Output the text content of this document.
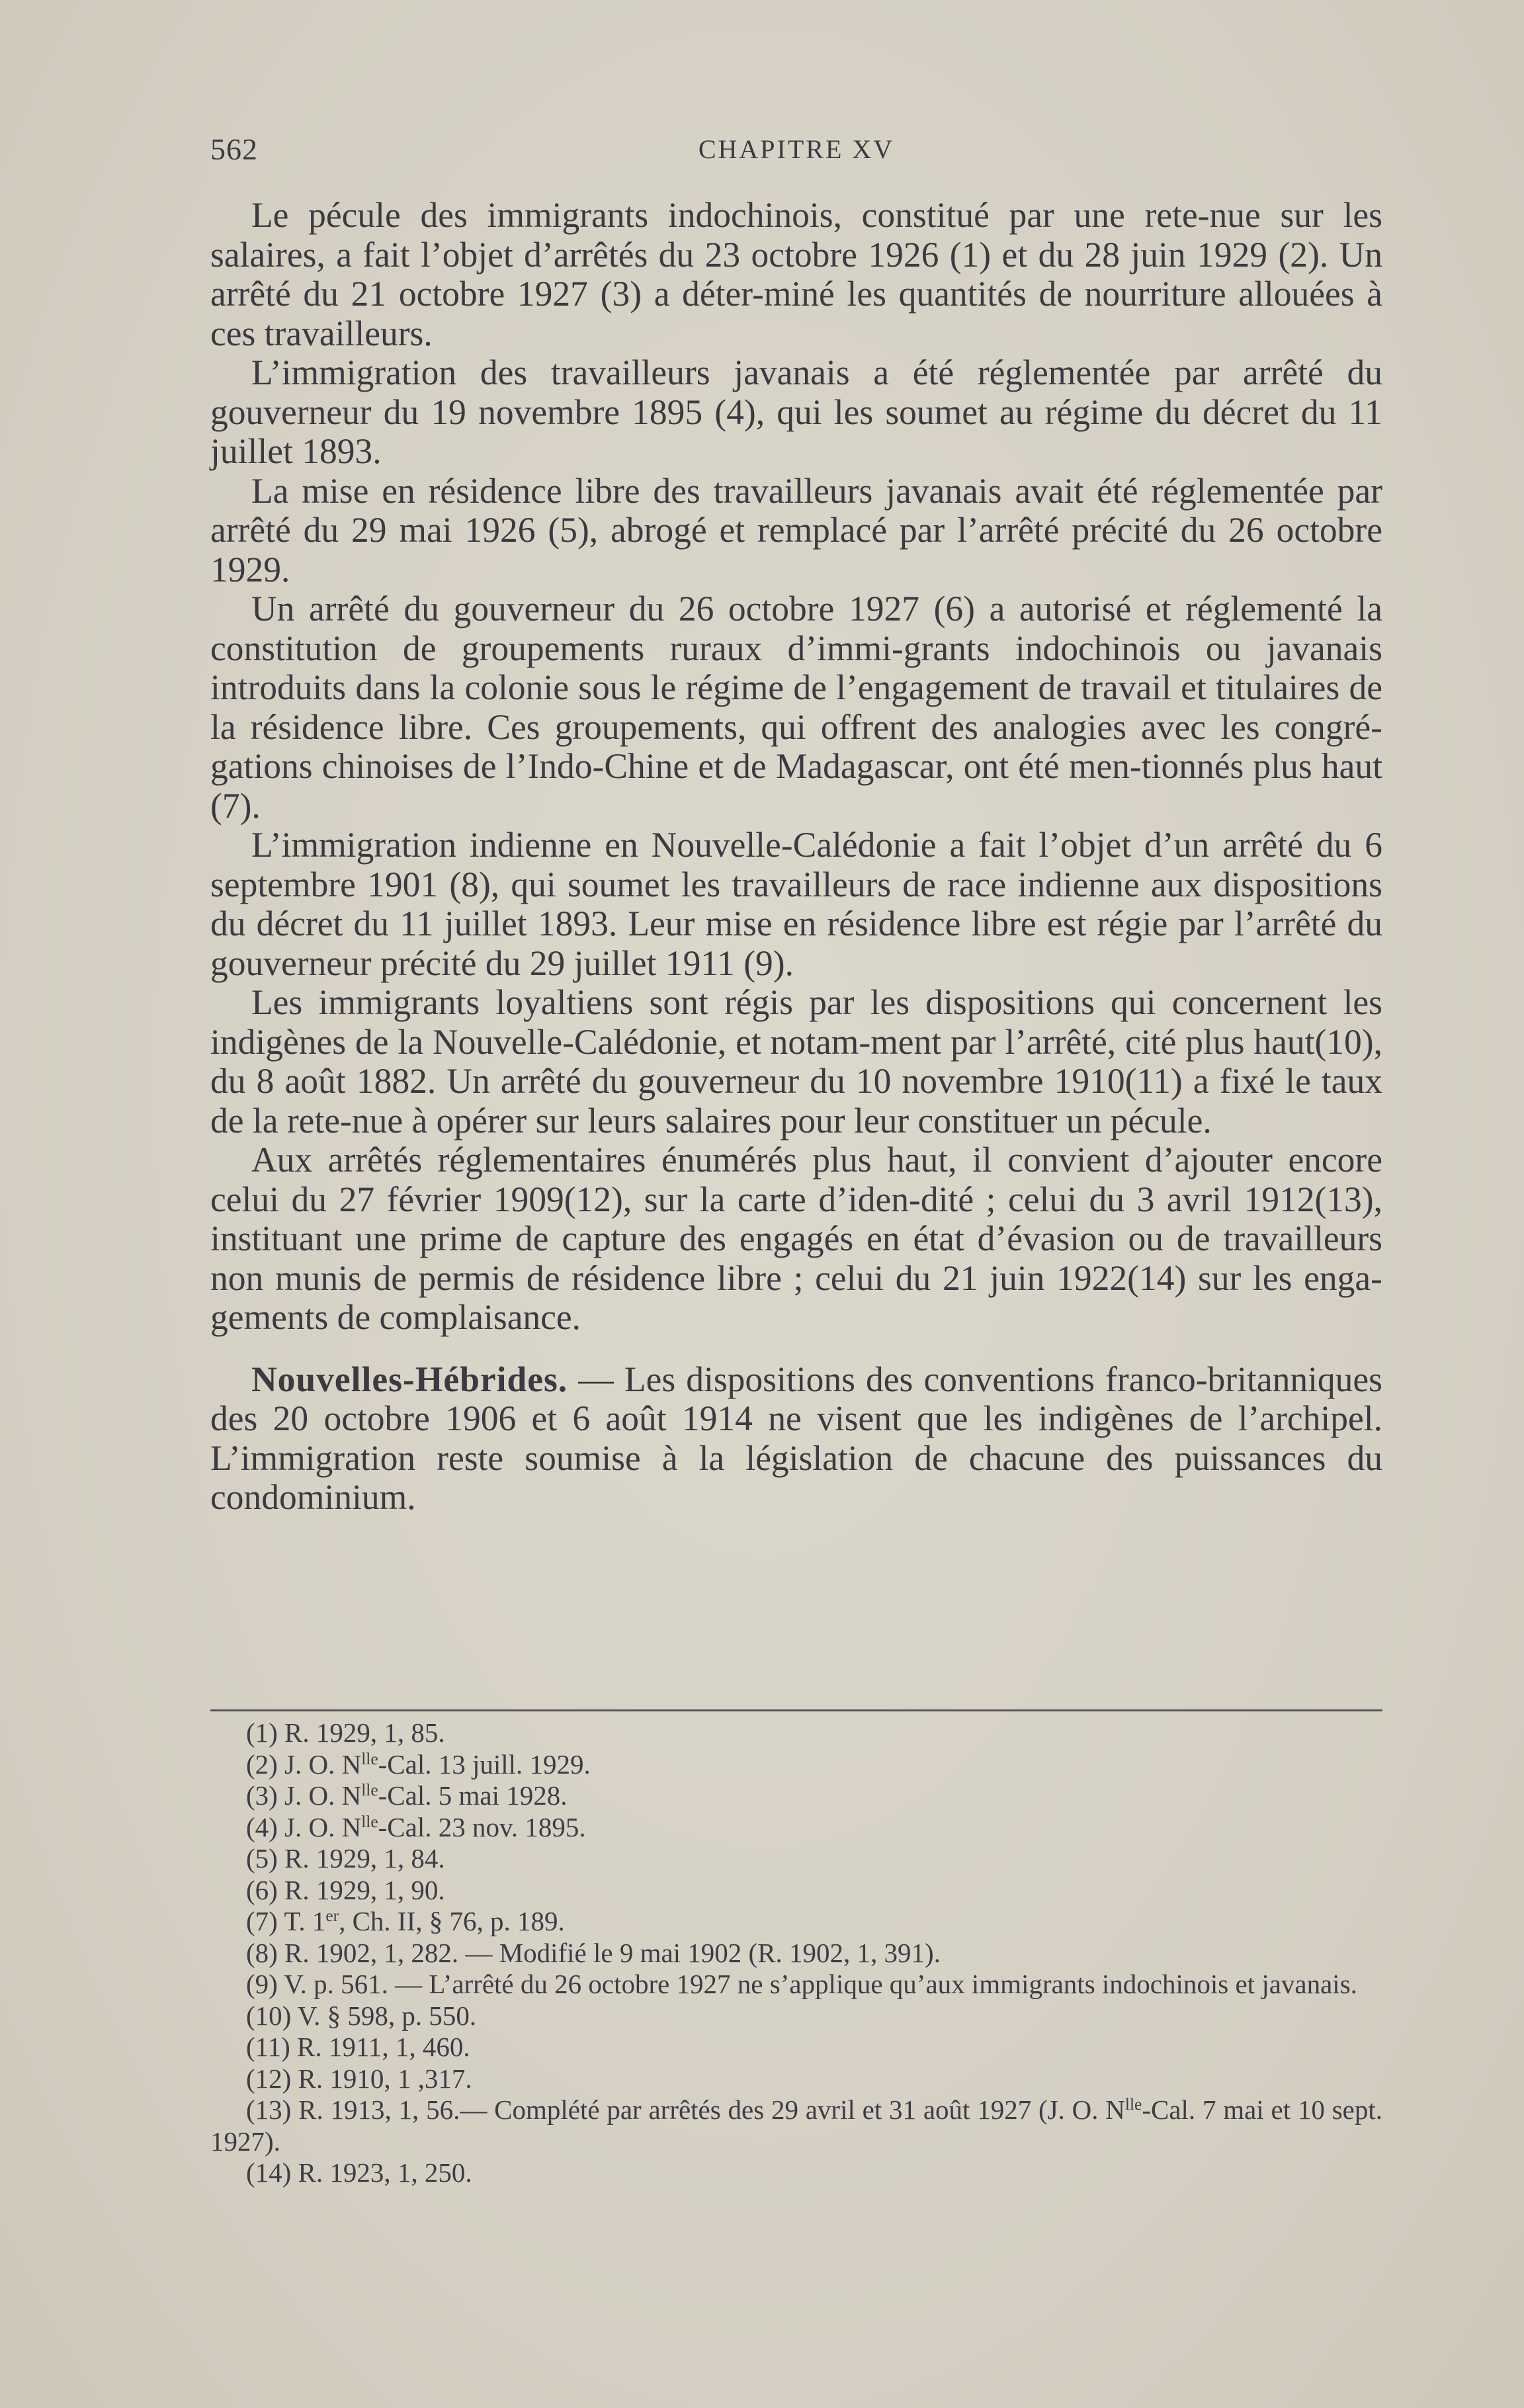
562	CHAPITRE XV

Le pécule des immigrants indochinois, constitué par une rete-nue sur les salaires, a fait l’objet d’arrêtés du 23 octobre 1926 (1) et du 28 juin 1929 (2). Un arrêté du 21 octobre 1927 (3) a déter-miné les quantités de nourriture allouées à ces travailleurs.

L’immigration des travailleurs javanais a été réglementée par arrêté du gouverneur du 19 novembre 1895 (4), qui les soumet au régime du décret du 11 juillet 1893.

La mise en résidence libre des travailleurs javanais avait été réglementée par arrêté du 29 mai 1926 (5), abrogé et remplacé par l’arrêté précité du 26 octobre 1929.

Un arrêté du gouverneur du 26 octobre 1927 (6) a autorisé et réglementé la constitution de groupements ruraux d’immi-grants indochinois ou javanais introduits dans la colonie sous le régime de l’engagement de travail et titulaires de la résidence libre. Ces groupements, qui offrent des analogies avec les congré-gations chinoises de l’Indo-Chine et de Madagascar, ont été men-tionnés plus haut (7).

L’immigration indienne en Nouvelle-Calédonie a fait l’objet d’un arrêté du 6 septembre 1901 (8), qui soumet les travailleurs de race indienne aux dispositions du décret du 11 juillet 1893. Leur mise en résidence libre est régie par l’arrêté du gouverneur précité du 29 juillet 1911 (9).

Les immigrants loyaltiens sont régis par les dispositions qui concernent les indigènes de la Nouvelle-Calédonie, et notam-ment par l’arrêté, cité plus haut(10), du 8 août 1882. Un arrêté du gouverneur du 10 novembre 1910(11) a fixé le taux de la rete-nue à opérer sur leurs salaires pour leur constituer un pécule.

Aux arrêtés réglementaires énumérés plus haut, il convient d’ajouter encore celui du 27 février 1909(12), sur la carte d’iden-dité ; celui du 3 avril 1912(13), instituant une prime de capture des engagés en état d’évasion ou de travailleurs non munis de permis de résidence libre ; celui du 21 juin 1922(14) sur les enga-gements de complaisance.

Nouvelles-Hébrides. — Les dispositions des conventions franco-britanniques des 20 octobre 1906 et 6 août 1914 ne visent que les indigènes de l’archipel. L’immigration reste soumise à la législation de chacune des puissances du condominium.

(1) R. 1929, 1, 85.

(2) J. O. $N^{lle}$-Cal. 13 juill. 1929.

(3) J. O. $N^{lle}$-Cal. 5 mai 1928.

(4) J. O. $N^{lle}$-Cal. 23 nov. 1895.

(5) R. 1929, 1, 84.

(6) R. 1929, 1, 90.

(7) T. 1er, Ch. II, § 76, p. 189.

(8) R. 1902, 1, 282. — Modifié le 9 mai 1902 (R. 1902, 1, 391).

(9) V. p. 561. — L’arrêté du 26 octobre 1927 ne s’applique qu’aux immigrants indochinois et javanais.

(10) V. § 598, p. 550.

(11) R. 1911, 1, 460.

(12) R. 1910, 1 ,317.

(13) R. 1913, 1, 56.— Complété par arrêtés des 29 avril et 31 août 1927 (J. O. $N^{lle}$-Cal. 7 mai et 10 sept. 1927).

(14) R. 1923, 1, 250.
